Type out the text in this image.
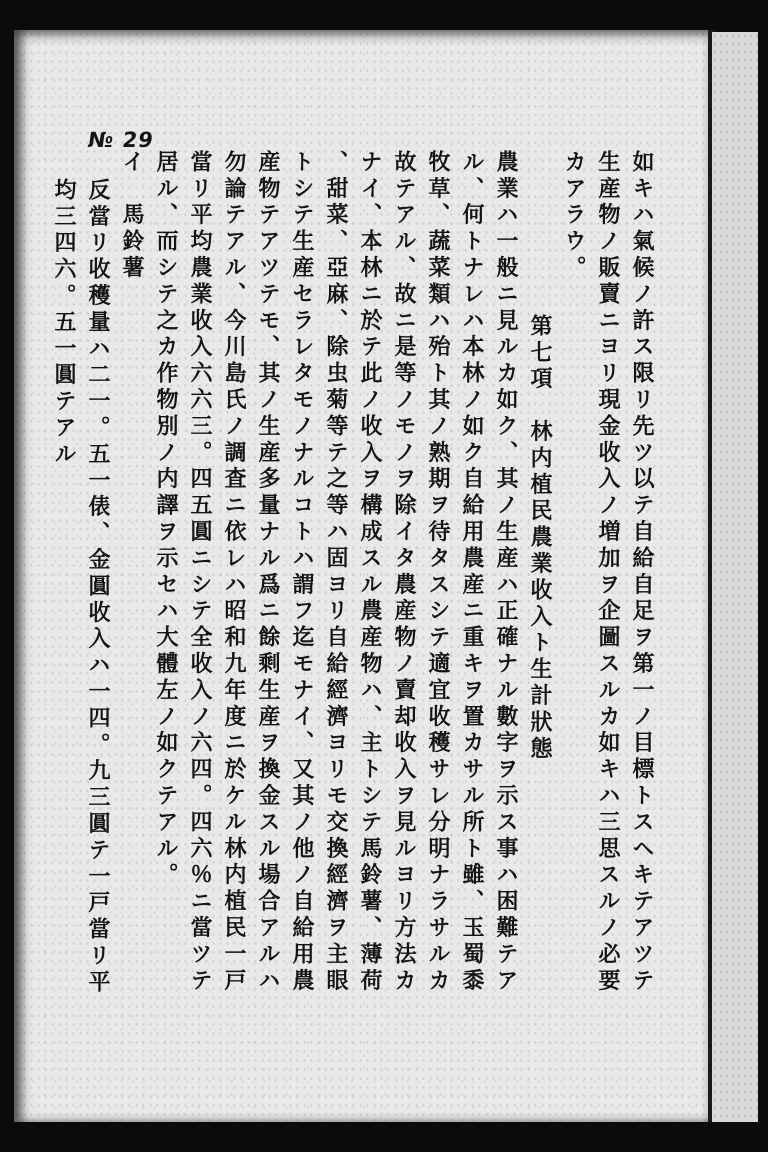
№ 29
如キハ氣候ノ許ス限リ先ツ以テ自給自足ヲ第一ノ目標トスヘキテアツテ
生産物ノ販賣ニヨリ現金收入ノ増加ヲ企圖スルカ如キハ三思スルノ必要
カアラウ。
第七項　林内植民農業收入ト生計狀態
農業ハ一般ニ見ルカ如ク、其ノ生産ハ正確ナル數字ヲ示ス事ハ困難テア
ル、何トナレハ本林ノ如ク自給用農産ニ重キヲ置カサル所ト雖、玉蜀黍
牧草、蔬菜類ハ殆ト其ノ熟期ヲ待タスシテ適宜收穫サレ分明ナラサルカ
故テアル、故ニ是等ノモノヲ除イタ農産物ノ賣却收入ヲ見ルヨリ方法カ
ナイ、本林ニ於テ此ノ收入ヲ構成スル農産物ハ、主トシテ馬鈴薯、薄荷
、甜菜、亞麻、除虫菊等テ之等ハ固ヨリ自給經濟ヨリモ交換經濟ヲ主眼
トシテ生産セラレタモノナルコトハ謂フ迄モナイ、又其ノ他ノ自給用農
産物テアツテモ、其ノ生産多量ナル爲ニ餘剩生産ヲ換金スル場合アルハ
勿論テアル、今川島氏ノ調査ニ依レハ昭和九年度ニ於ケル林内植民一戸
當リ平均農業收入六六三。四五圓ニシテ全收入ノ六四。四六％ニ當ツテ
居ル、而シテ之カ作物別ノ内譯ヲ示セハ大體左ノ如クテアル。
イ　馬鈴薯
反當リ收穫量ハ二一。五一俵、金圓收入ハ一四。九三圓テ一戸當リ平
均三四六。五一圓テアル
